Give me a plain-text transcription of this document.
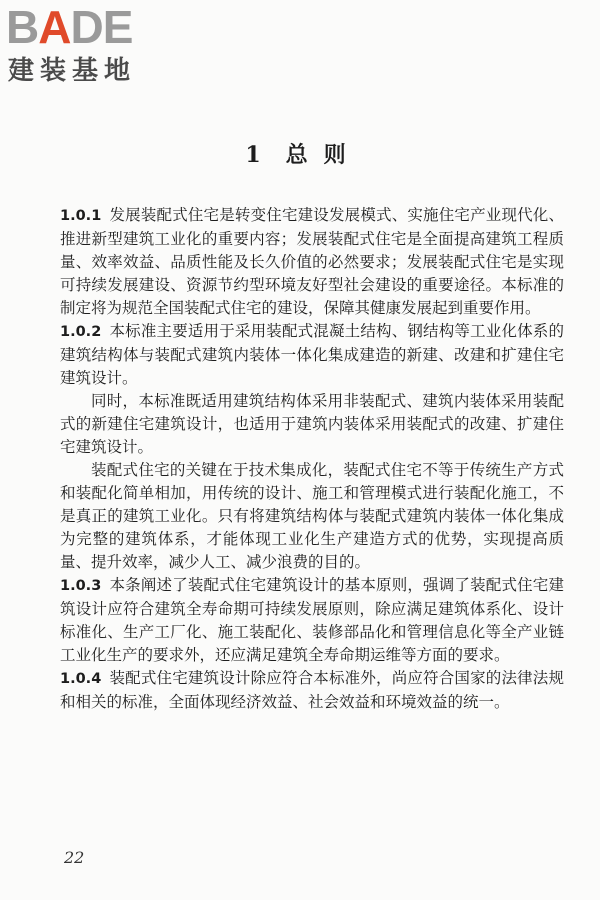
BADE
建装基地
1 总 则

1.0.1 发展装配式住宅是转变住宅建设发展模式、实施住宅产业现代化、推进新型建筑工业化的重要内容；发展装配式住宅是全面提高建筑工程质量、效率效益、品质性能及长久价值的必然要求；发展装配式住宅是实现可持续发展建设、资源节约型环境友好型社会建设的重要途径。本标准的制定将为规范全国装配式住宅的建设，保障其健康发展起到重要作用。

1.0.2 本标准主要适用于采用装配式混凝土结构、钢结构等工业化体系的建筑结构体与装配式建筑内装体一体化集成建造的新建、改建和扩建住宅建筑设计。

同时，本标准既适用建筑结构体采用非装配式、建筑内装体采用装配式的新建住宅建筑设计，也适用于建筑内装体采用装配式的改建、扩建住宅建筑设计。

装配式住宅的关键在于技术集成化，装配式住宅不等于传统生产方式和装配化简单相加，用传统的设计、施工和管理模式进行装配化施工，不是真正的建筑工业化。只有将建筑结构体与装配式建筑内装体一体化集成为完整的建筑体系，才能体现工业化生产建造方式的优势，实现提高质量、提升效率，减少人工、减少浪费的目的。

1.0.3 本条阐述了装配式住宅建筑设计的基本原则，强调了装配式住宅建筑设计应符合建筑全寿命期可持续发展原则，除应满足建筑体系化、设计标准化、生产工厂化、施工装配化、装修部品化和管理信息化等全产业链工业化生产的要求外，还应满足建筑全寿命期运维等方面的要求。

1.0.4 装配式住宅建筑设计除应符合本标准外，尚应符合国家的法律法规和相关的标准，全面体现经济效益、社会效益和环境效益的统一。

22
